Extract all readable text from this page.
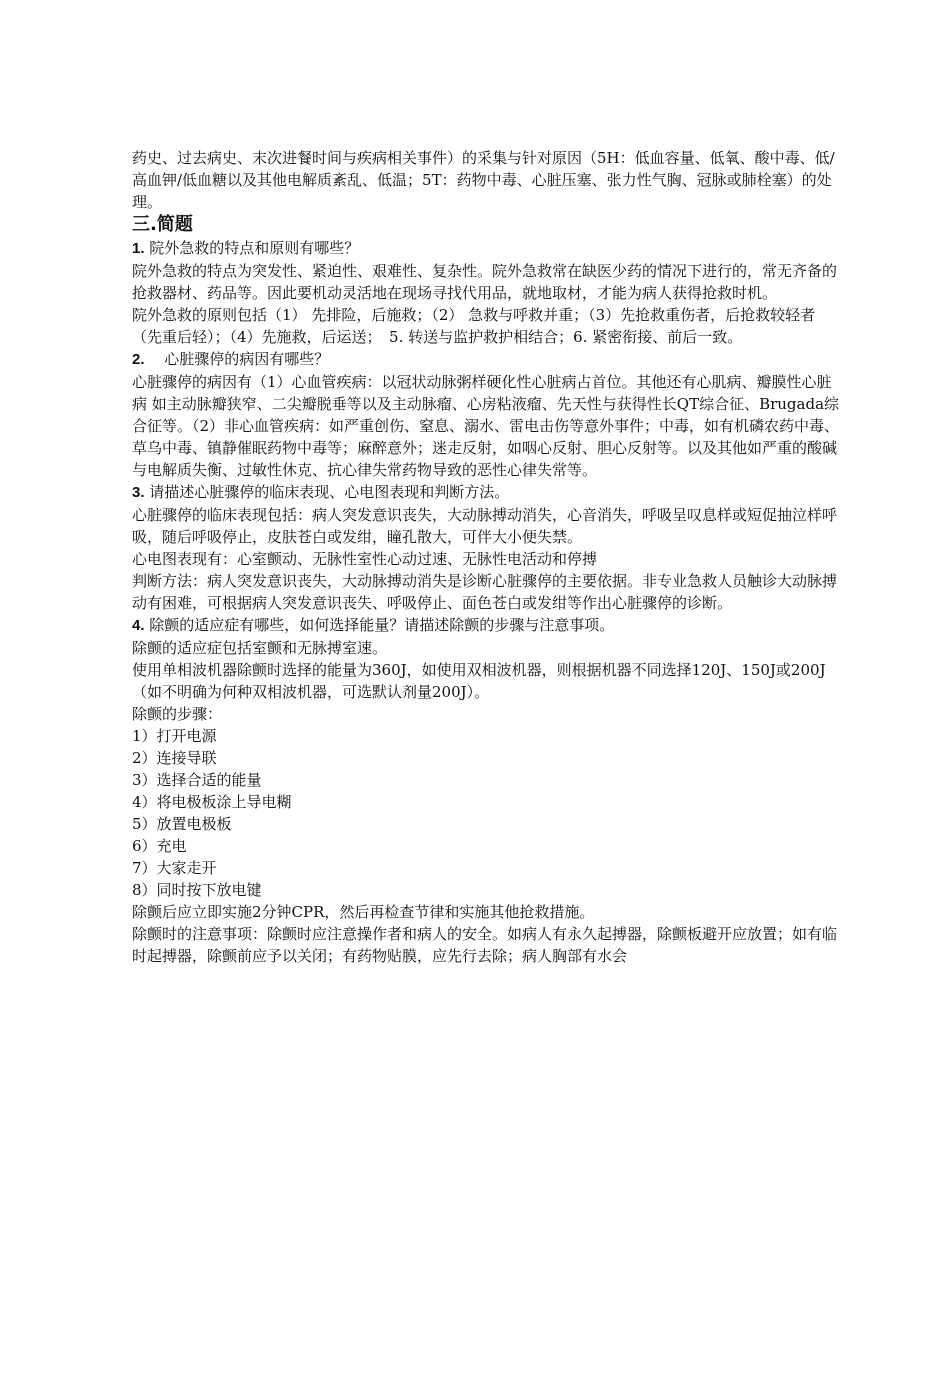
药史、过去病史、末次进餐时间与疾病相关事件）的采集与针对原因（5H：低血容量、低氧、酸中毒、低/高血钾/低血糖以及其他电解质紊乱、低温；5T：药物中毒、心脏压塞、张力性气胸、冠脉或肺栓塞）的处理。

三.简题

1. 院外急救的特点和原则有哪些？

院外急救的特点为突发性、紧迫性、艰难性、复杂性。院外急救常在缺医少药的情况下进行的，常无齐备的抢救器材、药品等。因此要机动灵活地在现场寻找代用品，就地取材，才能为病人获得抢救时机。

院外急救的原则包括（1） 先排险，后施救；（2） 急救与呼救并重；（3）先抢救重伤者，后抢救较轻者（先重后轻）；（4）先施救，后运送；　5. 转送与监护救护相结合；6. 紧密衔接、前后一致。

2.　 心脏骤停的病因有哪些？

心脏骤停的病因有（1）心血管疾病：以冠状动脉粥样硬化性心脏病占首位。其他还有心肌病、瓣膜性心脏病 如主动脉瓣狭窄、二尖瓣脱垂等以及主动脉瘤、心房粘液瘤、先天性与获得性长QT综合征、Brugada综合征等。（2）非心血管疾病：如严重创伤、窒息、溺水、雷电击伤等意外事件；中毒，如有机磷农药中毒、草乌中毒、镇静催眠药物中毒等；麻醉意外；迷走反射，如咽心反射、胆心反射等。以及其他如严重的酸碱与电解质失衡、过敏性休克、抗心律失常药物导致的恶性心律失常等。

3. 请描述心脏骤停的临床表现、心电图表现和判断方法。

心脏骤停的临床表现包括：病人突发意识丧失，大动脉搏动消失，心音消失，呼吸呈叹息样或短促抽泣样呼吸，随后呼吸停止，皮肤苍白或发绀，瞳孔散大，可伴大小便失禁。

心电图表现有：心室颤动、无脉性室性心动过速、无脉性电活动和停搏

判断方法：病人突发意识丧失，大动脉搏动消失是诊断心脏骤停的主要依据。非专业急救人员触诊大动脉搏动有困难，可根据病人突发意识丧失、呼吸停止、面色苍白或发绀等作出心脏骤停的诊断。

4. 除颤的适应症有哪些，如何选择能量？请描述除颤的步骤与注意事项。

除颤的适应症包括室颤和无脉搏室速。

使用单相波机器除颤时选择的能量为360J，如使用双相波机器，则根据机器不同选择120J、150J或200J（如不明确为何种双相波机器，可选默认剂量200J）。

除颤的步骤：

1）打开电源

2）连接导联

3）选择合适的能量

4）将电极板涂上导电糊

5）放置电极板

6）充电

7）大家走开

8）同时按下放电键

除颤后应立即实施2分钟CPR，然后再检查节律和实施其他抢救措施。

除颤时的注意事项：除颤时应注意操作者和病人的安全。如病人有永久起搏器，除颤板避开应放置；如有临时起搏器，除颤前应予以关闭；有药物贴膜，应先行去除；病人胸部有水会
